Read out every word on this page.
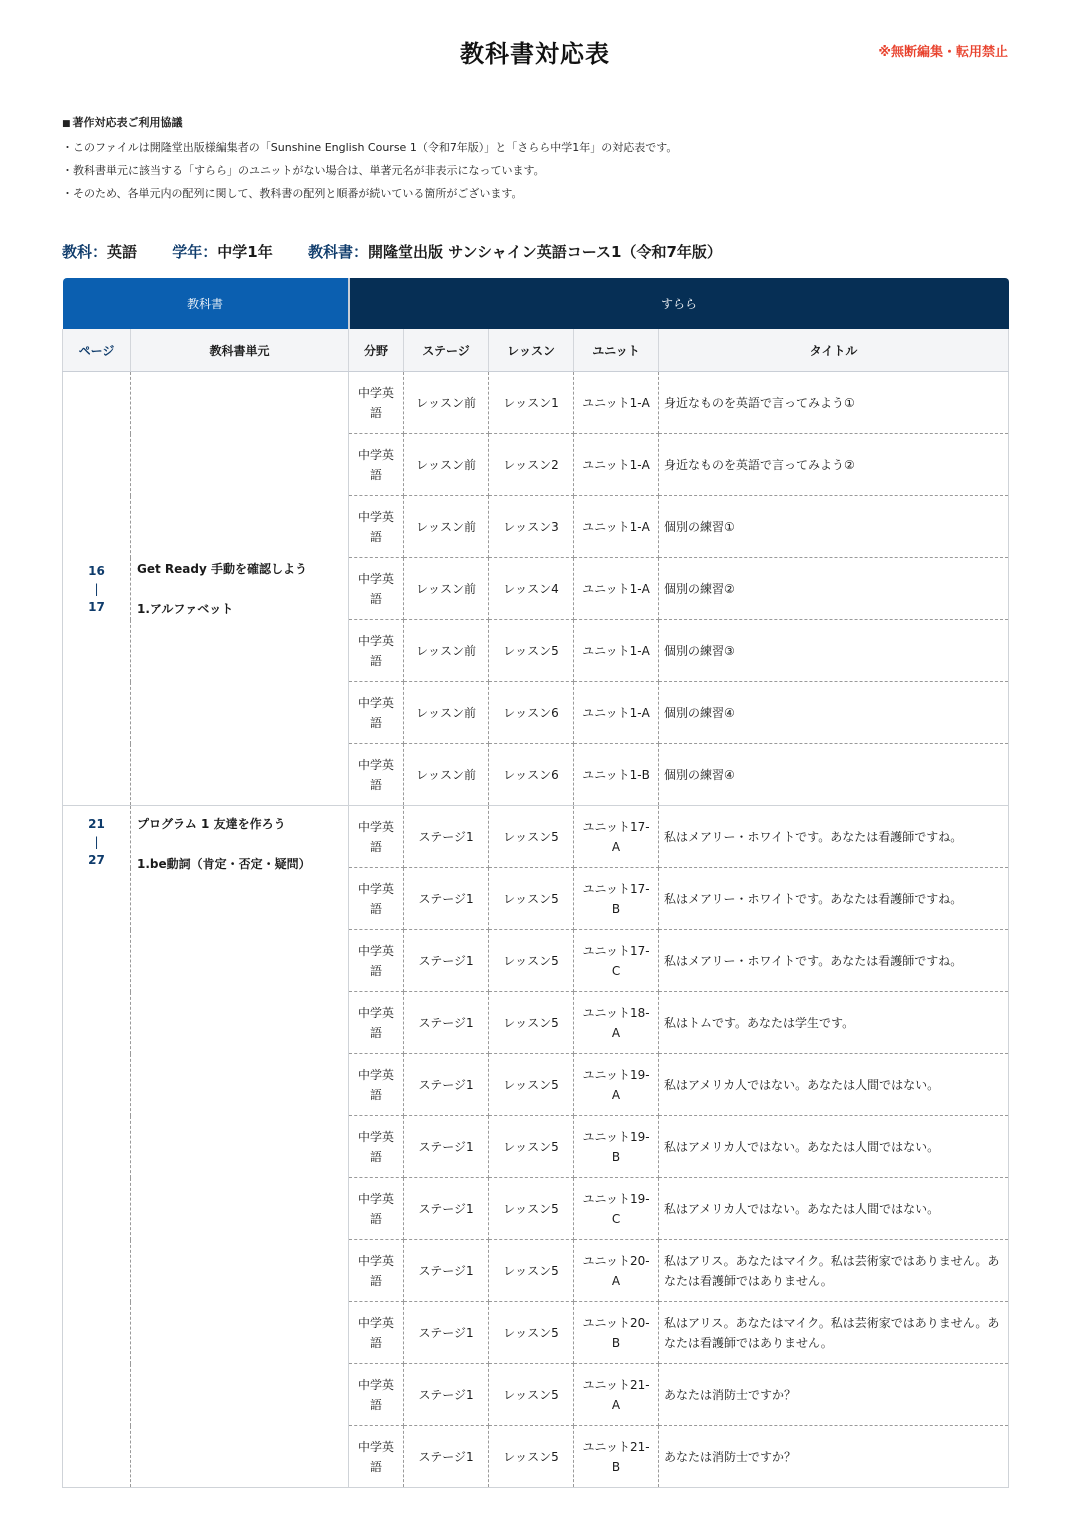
教科書対応表	※無断編集・転用禁止
■ 著作対応表ご利用協議
・このファイルは開隆堂出版様編集者の「Sunshine English Course 1（令和7年版）」と「さらら中学1年」の対応表です。
・教科書単元に該当する「すらら」のユニットがない場合は、単著元名が非表示になっています。
・そのため、各単元内の配列に関して、教科書の配列と順番が続いている箇所がございます。
教科：英語 学年：中学1年 教科書：開隆堂出版 サンシャイン英語コース1（令和7年版）
教科書		すらら				
ページ	教科書単元	分野	ステージ	レッスン	ユニット	タイトル
16
|
17	Get Ready 手動を確認しよう
1.アルファベット	中学英語	レッスン前	レッスン1	ユニット1-A	身近なものを英語で言ってみよう①
		中学英語	レッスン前	レッスン2	ユニット1-A	身近なものを英語で言ってみよう②
		中学英語	レッスン前	レッスン3	ユニット1-A	個別の練習①
		中学英語	レッスン前	レッスン4	ユニット1-A	個別の練習②
		中学英語	レッスン前	レッスン5	ユニット1-A	個別の練習③
		中学英語	レッスン前	レッスン6	ユニット1-A	個別の練習④
		中学英語	レッスン前	レッスン6	ユニット1-B	個別の練習④
21
|
27	プログラム 1 友達を作ろう
1.be動詞（肯定・否定・疑問）	中学英語	ステージ1	レッスン5	ユニット17-A	私はメアリー・ホワイトです。あなたは看護師ですね。
		中学英語	ステージ1	レッスン5	ユニット17-B	私はメアリー・ホワイトです。あなたは看護師ですね。
		中学英語	ステージ1	レッスン5	ユニット17-C	私はメアリー・ホワイトです。あなたは看護師ですね。
		中学英語	ステージ1	レッスン5	ユニット18-A	私はトムです。あなたは学生です。
		中学英語	ステージ1	レッスン5	ユニット19-A	私はアメリカ人ではない。あなたは人間ではない。
		中学英語	ステージ1	レッスン5	ユニット19-B	私はアメリカ人ではない。あなたは人間ではない。
		中学英語	ステージ1	レッスン5	ユニット19-C	私はアメリカ人ではない。あなたは人間ではない。
		中学英語	ステージ1	レッスン5	ユニット20-A	私はアリス。あなたはマイク。私は芸術家ではありません。あなたは看護師ではありません。
		中学英語	ステージ1	レッスン5	ユニット20-B	私はアリス。あなたはマイク。私は芸術家ではありません。あなたは看護師ではありません。
		中学英語	ステージ1	レッスン5	ユニット21-A	あなたは消防士ですか？
		中学英語	ステージ1	レッスン5	ユニット21-B	あなたは消防士ですか？
